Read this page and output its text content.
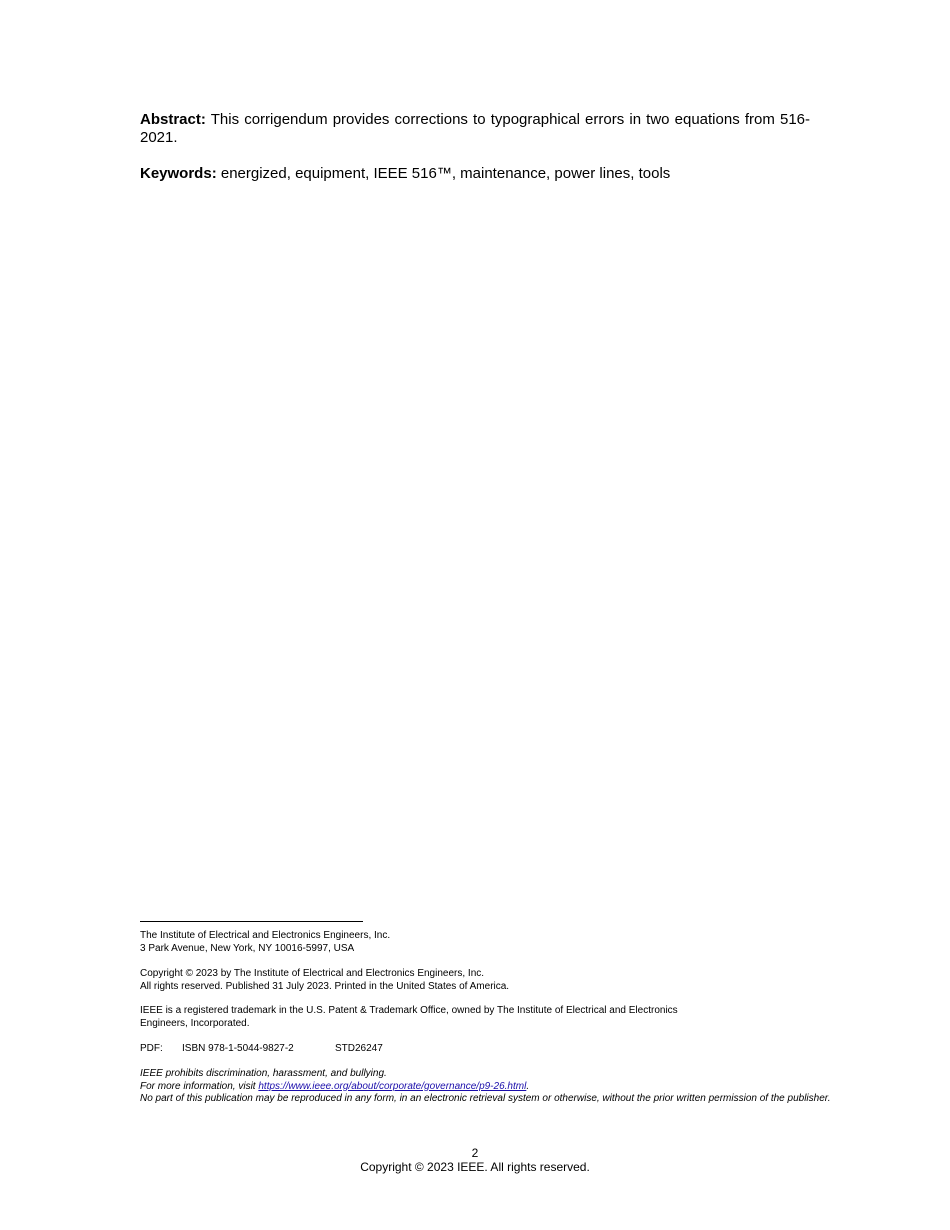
Abstract: This corrigendum provides corrections to typographical errors in two equations from 516-2021.

Keywords: energized, equipment, IEEE 516™, maintenance, power lines, tools

The Institute of Electrical and Electronics Engineers, Inc.
3 Park Avenue, New York, NY 10016-5997, USA

Copyright © 2023 by The Institute of Electrical and Electronics Engineers, Inc.
All rights reserved. Published 31 July 2023. Printed in the United States of America.

IEEE is a registered trademark in the U.S. Patent & Trademark Office, owned by The Institute of Electrical and Electronics
Engineers, Incorporated.

PDF: ISBN 978-1-5044-9827-2	STD26247

IEEE prohibits discrimination, harassment, and bullying.
For more information, visit https://www.ieee.org/about/corporate/governance/p9-26.html.
No part of this publication may be reproduced in any form, in an electronic retrieval system or otherwise, without the prior written permission of the publisher.

2
Copyright © 2023 IEEE. All rights reserved.
